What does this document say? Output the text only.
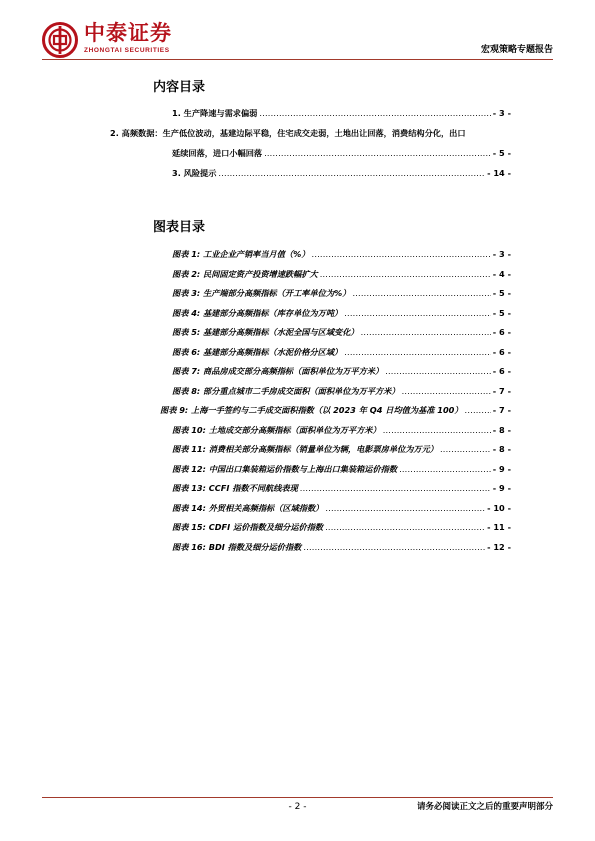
中泰证券
ZHONGTAI SECURITIES	宏观策略专题报告
内容目录
1. 生产降速与需求偏弱 .....	- 3 -
2. 高频数据：生产低位波动，基建边际平稳，住宅成交走弱，土地出让回落，消费结构分化，出口
延续回落，进口小幅回落 .....	- 5 -
3. 风险提示 .....	- 14 -
图表目录
图表 1: 工业企业产销率当月值（%） .....	- 3 -
图表 2: 民间固定资产投资增速跌幅扩大 .....	- 4 -
图表 3: 生产端部分高频指标（开工率单位为%） .....	- 5 -
图表 4: 基建部分高频指标（库存单位为万吨） .....	- 5 -
图表 5: 基建部分高频指标（水泥全国与区域变化） .....	- 6 -
图表 6: 基建部分高频指标（水泥价格分区域） .....	- 6 -
图表 7: 商品房成交部分高频指标（面积单位为万平方米） .....	- 6 -
图表 8: 部分重点城市二手房成交面积（面积单位为万平方米） .....	- 7 -
图表 9: 上海一手签约与二手成交面积指数（以 2023 年 Q4 日均值为基准 100） .....	- 7 -
图表 10: 土地成交部分高频指标（面积单位为万平方米） .....	- 8 -
图表 11: 消费相关部分高频指标（销量单位为辆，电影票房单位为万元） .....	- 8 -
图表 12: 中国出口集装箱运价指数与上海出口集装箱运价指数 .....	- 9 -
图表 13: CCFI 指数不同航线表现 .....	- 9 -
图表 14: 外贸相关高频指标（区域指数） .....	- 10 -
图表 15: CDFI 运价指数及细分运价指数 .....	- 11 -
图表 16: BDI 指数及细分运价指数 .....	- 12 -
- 2 -	请务必阅读正文之后的重要声明部分
